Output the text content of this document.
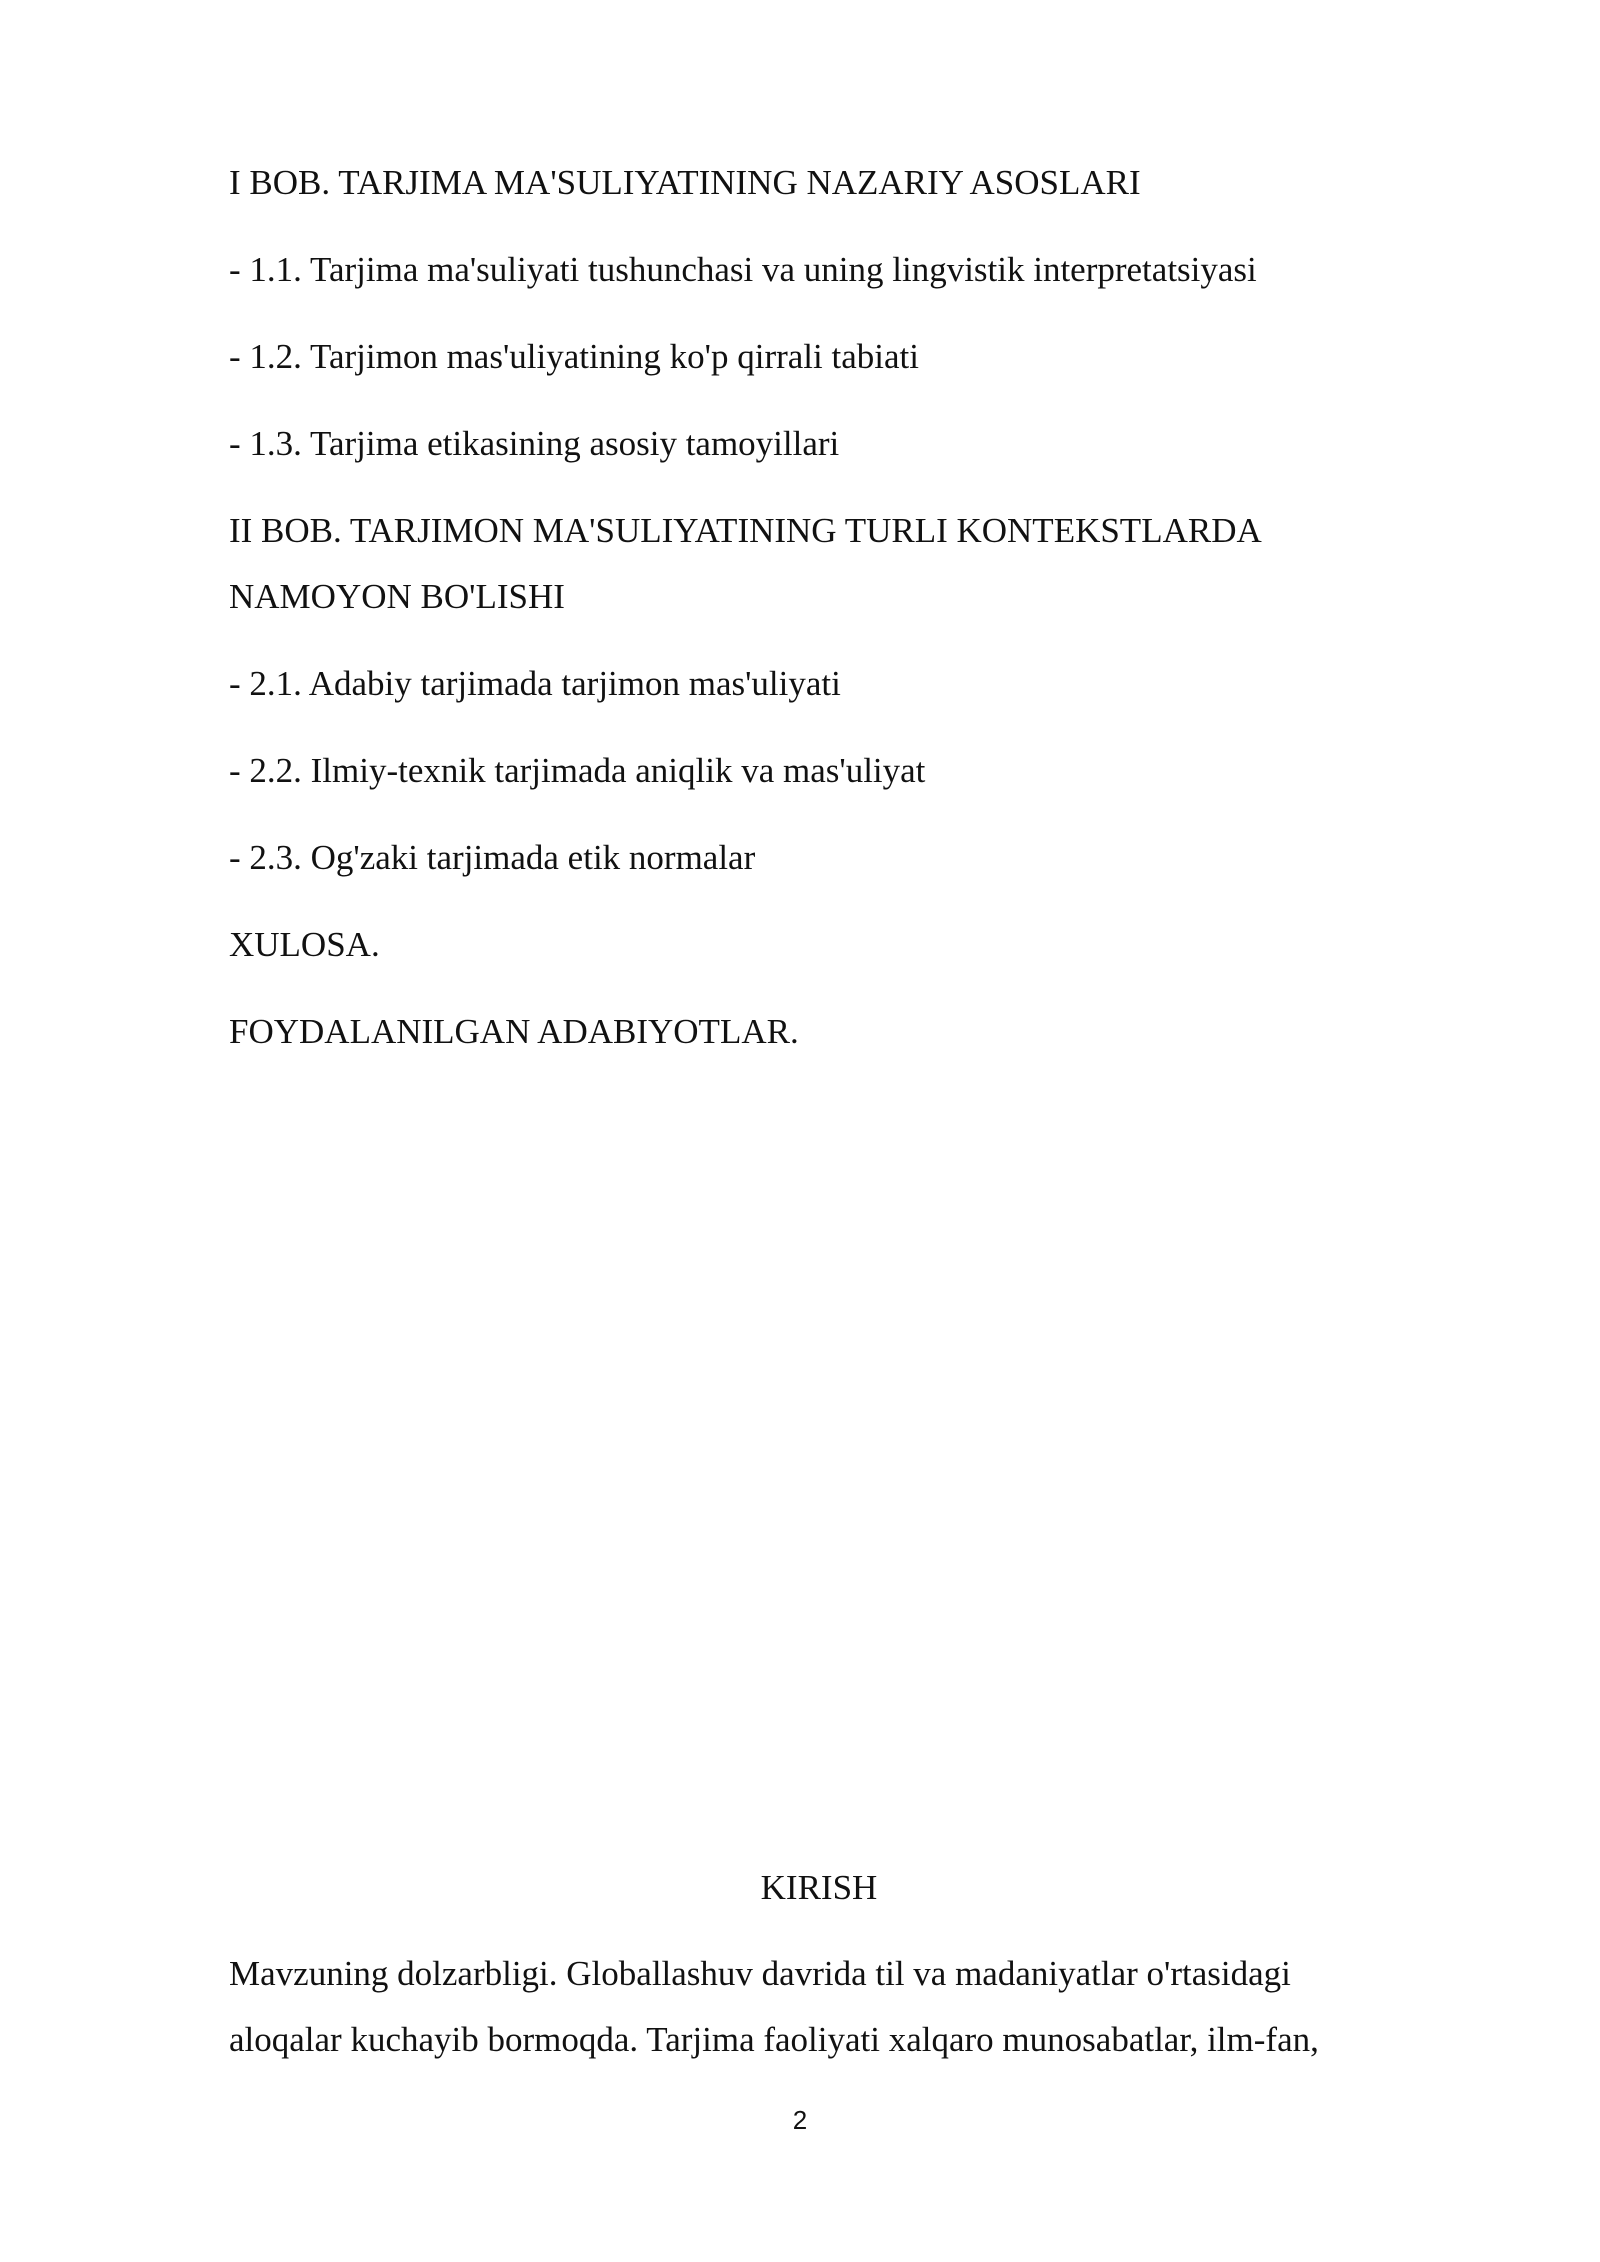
I BOB. TARJIMA MA'SULIYATINING NAZARIY ASOSLARI
- 1.1. Tarjima ma'suliyati tushunchasi va uning lingvistik interpretatsiyasi
- 1.2. Tarjimon mas'uliyatining ko'p qirrali tabiati
- 1.3. Tarjima etikasining asosiy tamoyillari
II BOB. TARJIMON MA'SULIYATINING TURLI KONTEKSTLARDA NAMOYON BO'LISHI
- 2.1. Adabiy tarjimada tarjimon mas'uliyati
- 2.2. Ilmiy-texnik tarjimada aniqlik va mas'uliyat
- 2.3. Og'zaki tarjimada etik normalar
XULOSA.
FOYDALANILGAN ADABIYOTLAR.
KIRISH

Mavzuning dolzarbligi. Globallashuv davrida til va madaniyatlar o'rtasidagi aloqalar kuchayib bormoqda. Tarjima faoliyati xalqaro munosabatlar, ilm-fan,

2
